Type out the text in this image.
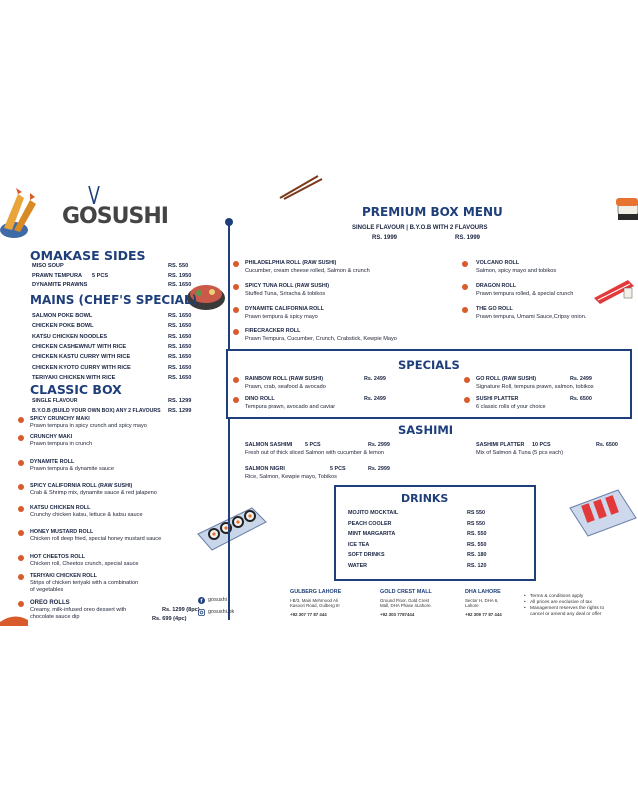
GOSUSHI
OMAKASE SIDES
MISO SOUP	RS. 550
PRAWN TEMPURA 5 PCS	RS. 1950
DYNAMITE PRAWNS	RS. 1650
MAINS (CHEF'S SPECIAL)
SALMON POKE BOWL	RS. 1650
CHICKEN POKE BOWL	RS. 1650
KATSU CHICKEN NOODLES	RS. 1650
CHICKEN CASHEWNUT WITH RICE	RS. 1650
CHICKEN KASTU CURRY WITH RICE	RS. 1650
CHICKEN KYOTO CURRY WITH RICE	RS. 1650
TERIYAKI CHICKEN WITH RICE	RS. 1650
CLASSIC BOX
SINGLE FLAVOUR	RS. 1299
B.Y.O.B (BUILD YOUR OWN BOX) ANY 2 FLAVOURS RS. 1299
SPICY CRUNCHY MAKI
Prawn tempura in spicy crunch and spicy mayo
CRUNCHY MAKI
Prawn tempura in crunch
DYNAMITE ROLL
Prawn tempura & dynamite sauce
SPICY CALIFORNIA ROLL (RAW SUSHI)
Crab & Shrimp mix, dynamite sauce & red jalapeno
KATSU CHICKEN ROLL
Crunchy chicken katsu, lettuce & katsu sauce
HONEY MUSTARD ROLL
Chicken roll deep fried, special honey mustard sauce
HOT CHEETOS ROLL
Chicken roll, Cheetos crunch, special sauce
TERIYAKI CHICKEN ROLL
Strips of chicken teriyaki with a combination
of vegetables
OREO ROLLS
Creamy, milk-infused oreo dessert with
chocolate sauce dip
Rs. 1299 (8pc)
Rs. 699 (4pc)
PREMIUM BOX MENU
SINGLE FLAVOUR | B.Y.O.B WITH 2 FLAVOURS
RS. 1999	RS. 1999
PHILADELPHIA ROLL (RAW SUSHI)
Cucumber, cream cheese rolled, Salmon & crunch
SPICY TUNA ROLL (RAW SUSHI)
Stuffed Tuna, Sriracha & tobikos
DYNAMITE CALIFORNIA ROLL
Prawn tempura & spicy mayo
FIRECRACKER ROLL
Prawn Tempura, Cucumber, Crunch, Crabstick, Kewpie Mayo
VOLCANO ROLL
Salmon, spicy mayo and tobikos
DRAGON ROLL
Prawn tempura rolled, & special crunch
THE GO ROLL
Prawn tempura, Umami Sauce,Cripsy onion.
SPECIALS
RAINBOW ROLL (RAW SUSHI)	Rs. 2499
Prawn, crab, seafood & avocado
DINO ROLL	Rs. 2499
Tempura prawn, avocado and caviar
GO ROLL (RAW SUSHI)	Rs. 2499
Signature Roll, tempura prawn, salmon, tobikos
SUSHI PLATTER	Rs. 6500
6 classic rolls of your choice
SASHIMI
SALMON SASHIMI 5 PCS	Rs. 2999
Fresh out of thick sliced Salmon with cucumber & lemon
SALMON NIGRI	5 PCS	Rs. 2999
Rice, Salmon, Kewpie mayo, Tobikos
SASHIMI PLATTER 10 PCS	Rs. 6500
Mix of Salmon & Tuna (5 pcs each)
DRINKS
MOJITO MOCKTAIL	RS 550
PEACH COOLER	RS 550
MINT MARGARITA	RS. 550
ICE TEA	RS. 550
SOFT DRINKS	RS. 180
WATER	RS. 120
f gosushi
gosushi.pk
GULBERG LAHORE
I-B/3, Main Mehmood Ali
Kasoori Road, Gulberg III
+92 307 77 87 444
GOLD CREST MALL
Ground Floor, Gold Crest
Mall, DHA Phase 4Lahore.
+92 303 7787444
DHA LAHORE
Sector H, DHA 6,
Lahore
+92 309 77 87 444
Terms & conditions apply
•
All prices are exclusive of tax
•
Management reserves the rights to
•
cancel or amend any deal or offer
